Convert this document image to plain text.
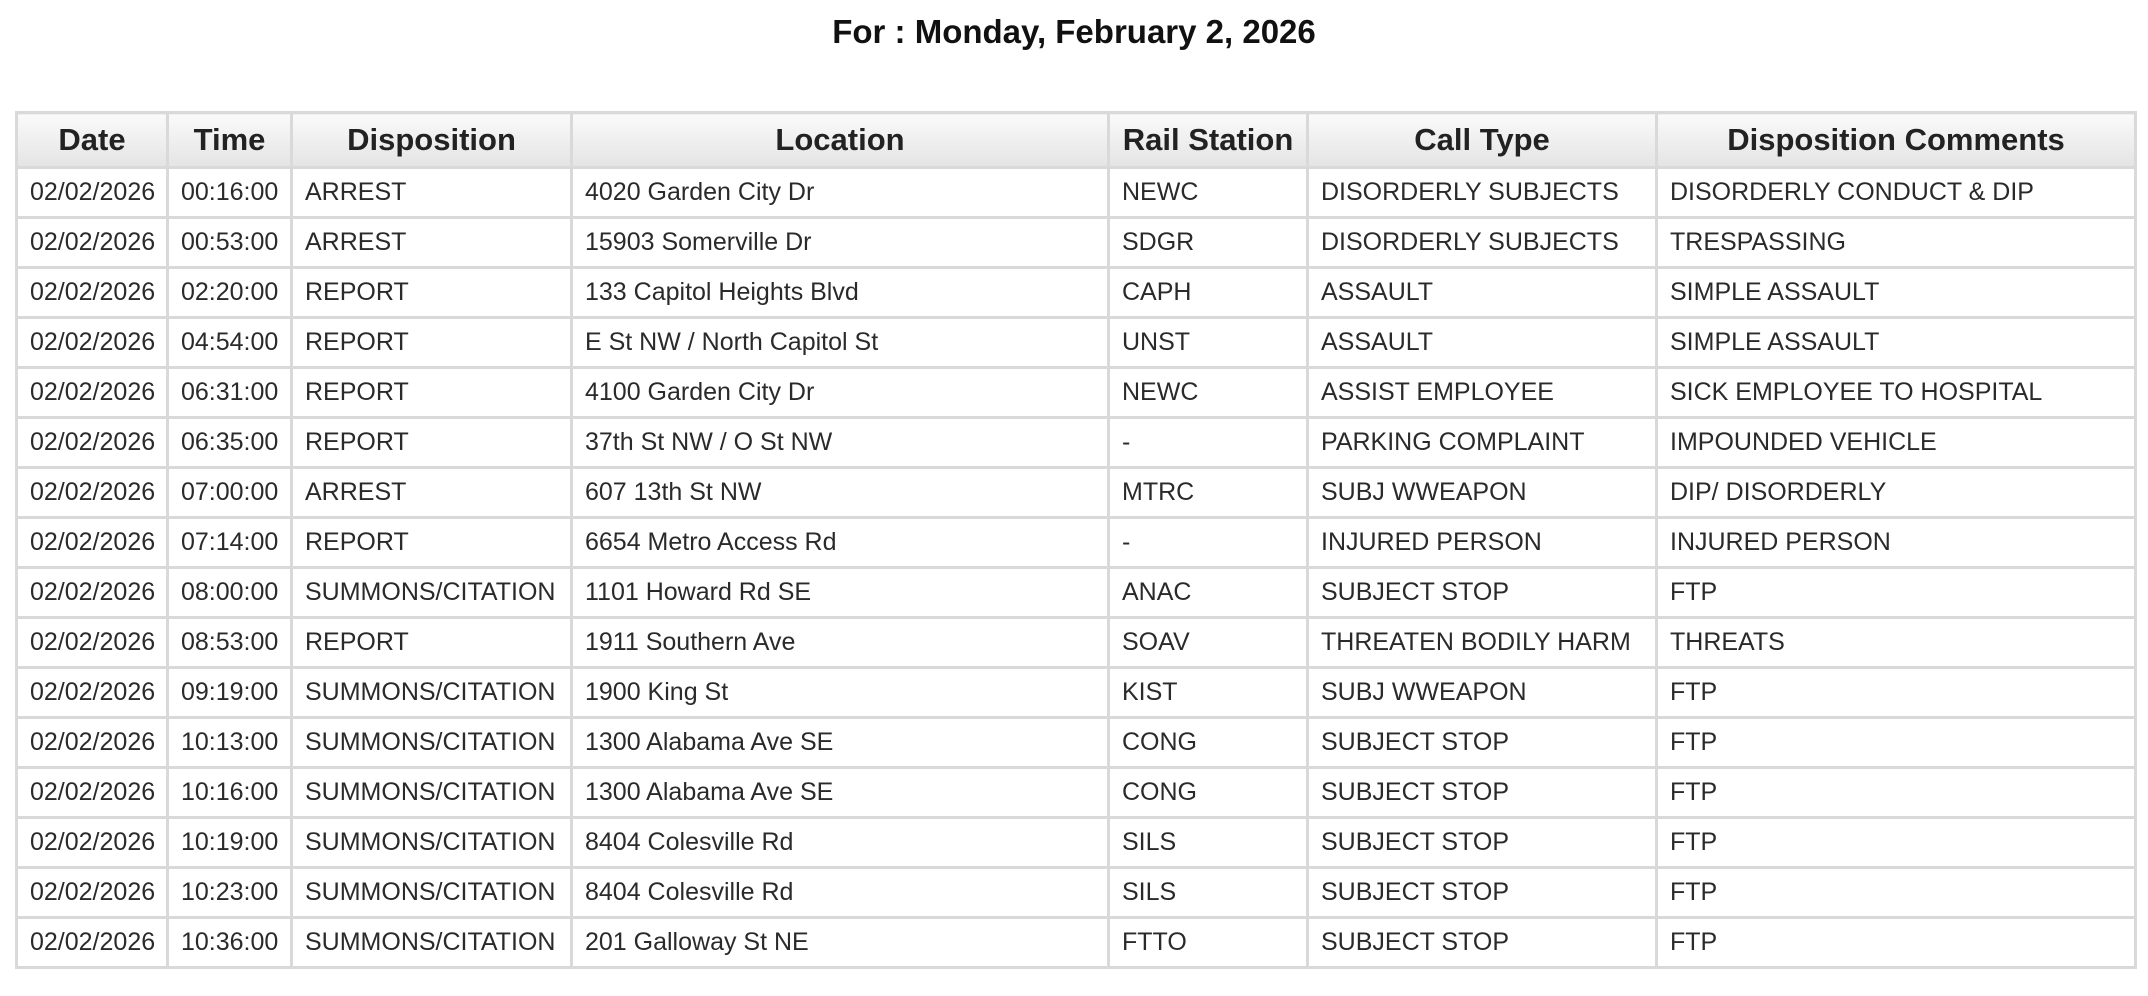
For : Monday, February 2, 2026
Date	Time	Disposition	Location	Rail Station	Call Type	Disposition Comments
02/02/2026	00:16:00	ARREST	4020 Garden City Dr	NEWC	DISORDERLY SUBJECTS	DISORDERLY CONDUCT & DIP
02/02/2026	00:53:00	ARREST	15903 Somerville Dr	SDGR	DISORDERLY SUBJECTS	TRESPASSING
02/02/2026	02:20:00	REPORT	133 Capitol Heights Blvd	CAPH	ASSAULT	SIMPLE ASSAULT
02/02/2026	04:54:00	REPORT	E St NW / North Capitol St	UNST	ASSAULT	SIMPLE ASSAULT
02/02/2026	06:31:00	REPORT	4100 Garden City Dr	NEWC	ASSIST EMPLOYEE	SICK EMPLOYEE TO HOSPITAL
02/02/2026	06:35:00	REPORT	37th St NW / O St NW	-	PARKING COMPLAINT	IMPOUNDED VEHICLE
02/02/2026	07:00:00	ARREST	607 13th St NW	MTRC	SUBJ WWEAPON	DIP/ DISORDERLY
02/02/2026	07:14:00	REPORT	6654 Metro Access Rd	-	INJURED PERSON	INJURED PERSON
02/02/2026	08:00:00	SUMMONS/CITATION	1101 Howard Rd SE	ANAC	SUBJECT STOP	FTP
02/02/2026	08:53:00	REPORT	1911 Southern Ave	SOAV	THREATEN BODILY HARM	THREATS
02/02/2026	09:19:00	SUMMONS/CITATION	1900 King St	KIST	SUBJ WWEAPON	FTP
02/02/2026	10:13:00	SUMMONS/CITATION	1300 Alabama Ave SE	CONG	SUBJECT STOP	FTP
02/02/2026	10:16:00	SUMMONS/CITATION	1300 Alabama Ave SE	CONG	SUBJECT STOP	FTP
02/02/2026	10:19:00	SUMMONS/CITATION	8404 Colesville Rd	SILS	SUBJECT STOP	FTP
02/02/2026	10:23:00	SUMMONS/CITATION	8404 Colesville Rd	SILS	SUBJECT STOP	FTP
02/02/2026	10:36:00	SUMMONS/CITATION	201 Galloway St NE	FTTO	SUBJECT STOP	FTP
